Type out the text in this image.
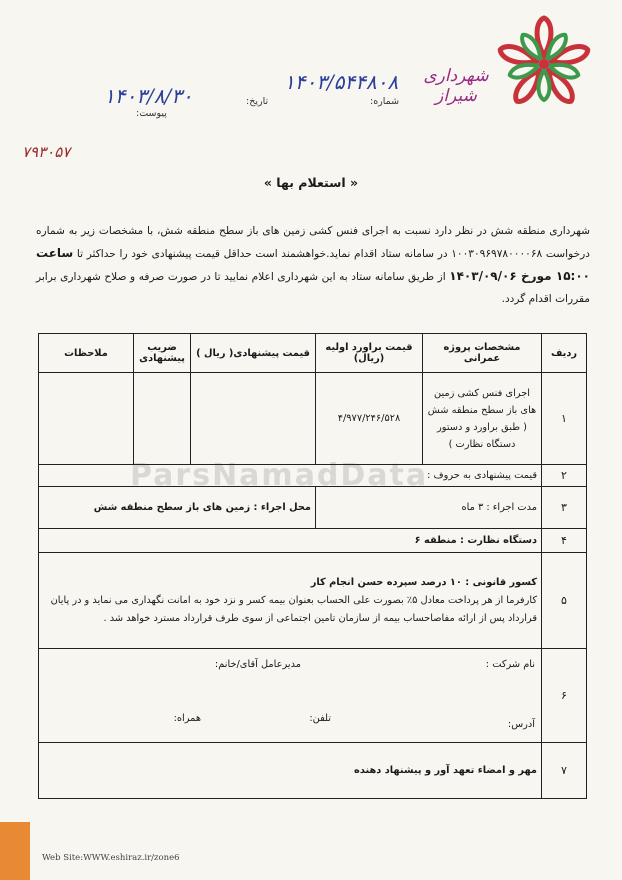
شهرداری شیراز
شماره:
تاریخ:
پیوست:
۱۴۰۳/۵۴۴۸۰۸
۱۴۰۳/۸/۳۰
۷۹۳۰۵۷
« استعلام بها »
شهرداری منطقه شش در نظر دارد نسبت به اجرای فنس کشی زمین های باز سطح منطقه شش، با مشخصات زیر به شماره درخواست ۱۰۰۳۰۹۶۹۷۸۰۰۰۰۶۸ در سامانه ستاد اقدام نماید.خواهشمند است حداقل قیمت پیشنهادی خود را حداکثر تا ساعت ۱۵:۰۰ مورخ ۱۴۰۳/۰۹/۰۶ از طریق سامانه ستاد به این شهرداری اعلام نمایید تا در صورت صرفه و صلاح شهرداری برابر مقررات اقدام گردد.
ParsNamadData
ردیف	مشخصات پروژه عمرانی	قیمت براورد اولیه (ریال)	قیمت پیشنهادی( ریال )	ضریب پیشنهادی	ملاحظات
۱	اجرای فنس کشی زمین های باز سطح منطقه شش ( طبق براورد و دستور دستگاه نظارت )	۴/۹۷۷/۲۴۶/۵۲۸			
۲	قیمت پیشنهادی به حروف :				
۳	مدت اجراء : ۳ ماه		محل اجراء : زمین های باز سطح منطقه شش		
۴	دستگاه نظارت : منطقه ۶				
۵	کسور قانونی : ۱۰ درصد سپرده حسن انجام کار
کارفرما از هر پرداخت معادل ۵٪ بصورت علی الحساب بعنوان بیمه کسر و نزد خود به امانت نگهداری می نماید و در پایان قرارداد پس از ارائه مفاصاحساب بیمه از سازمان تامین اجتماعی از سوی طرف قرارداد مسترد خواهد شد .				

۶	نام شرکت :
مدیرعامل آقای/خانم:
آدرس:
تلفن:
همراه:				

۷	مهر و امضاء تعهد آور و پیشنهاد دهنده				
Web Site:WWW.eshiraz.ir/zone6
